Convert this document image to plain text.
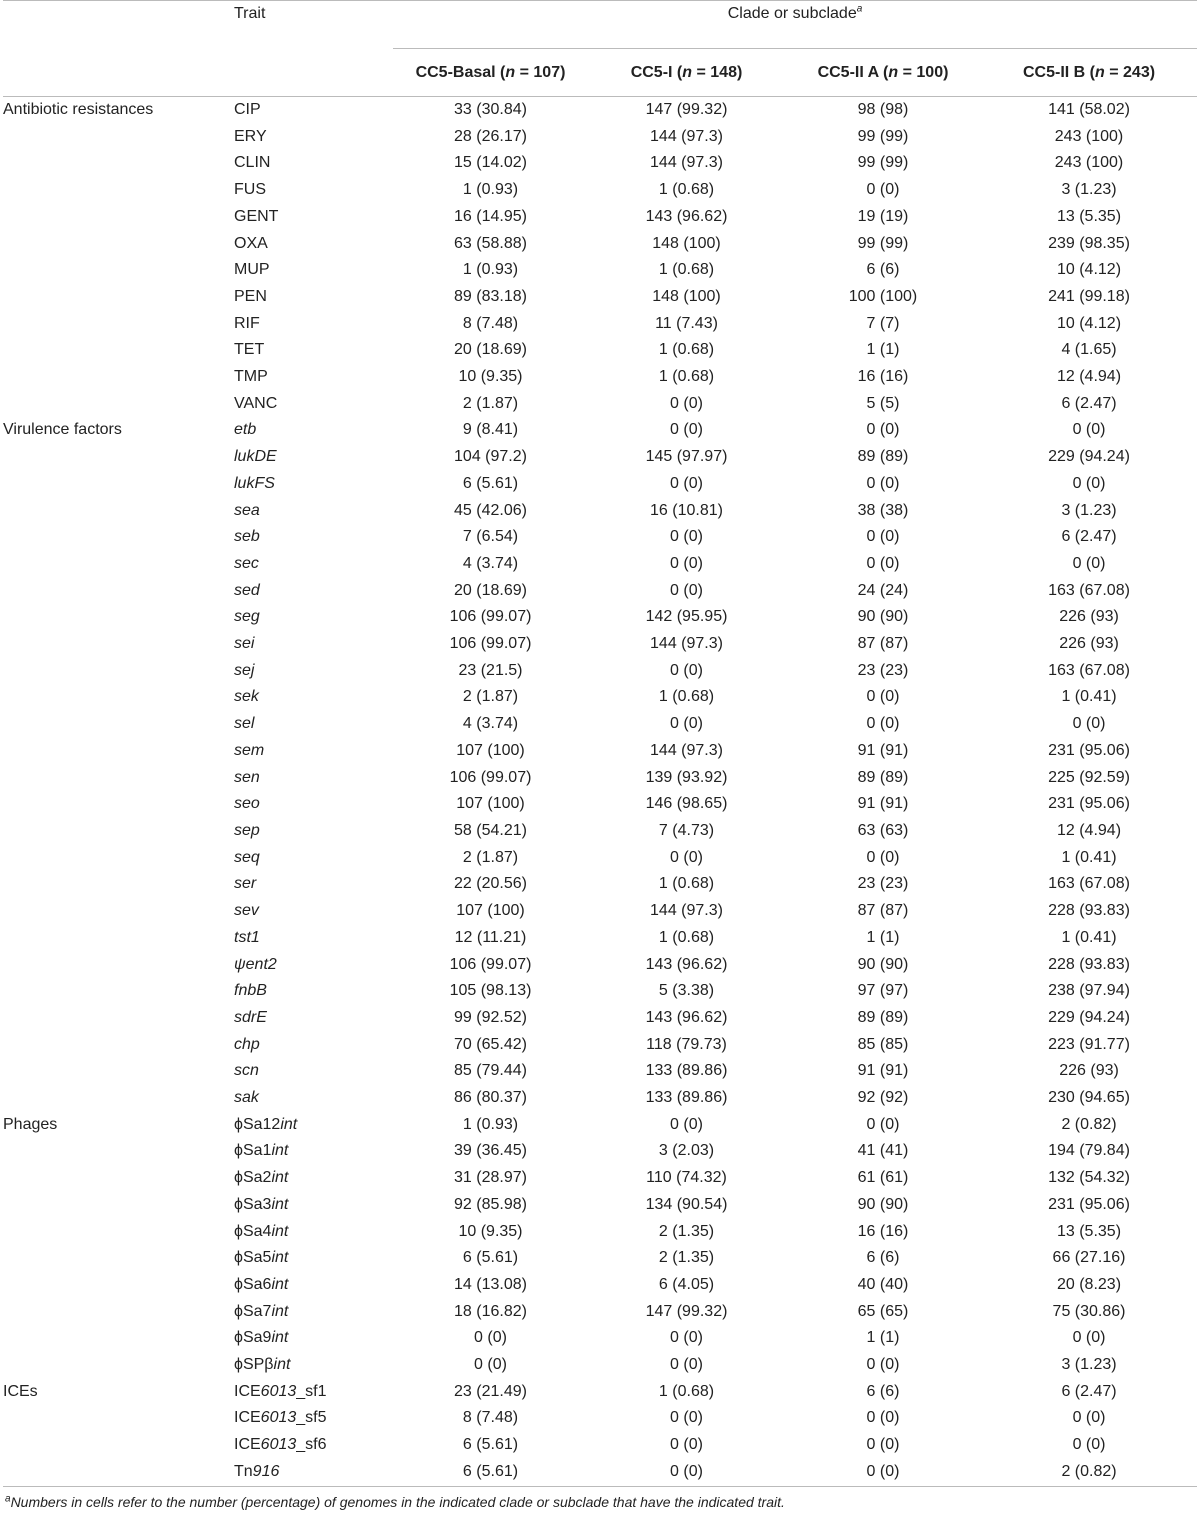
	Trait	Clade or subclade$^a$
		CC5-Basal (n = 107)	CC5-I (n = 148)	CC5-II A (n = 100)	CC5-II B (n = 243)
Antibiotic resistances	CIP	33 (30.84)	147 (99.32)	98 (98)	141 (58.02)
	ERY	28 (26.17)	144 (97.3)	99 (99)	243 (100)
	CLIN	15 (14.02)	144 (97.3)	99 (99)	243 (100)
	FUS	1 (0.93)	1 (0.68)	0 (0)	3 (1.23)
	GENT	16 (14.95)	143 (96.62)	19 (19)	13 (5.35)
	OXA	63 (58.88)	148 (100)	99 (99)	239 (98.35)
	MUP	1 (0.93)	1 (0.68)	6 (6)	10 (4.12)
	PEN	89 (83.18)	148 (100)	100 (100)	241 (99.18)
	RIF	8 (7.48)	11 (7.43)	7 (7)	10 (4.12)
	TET	20 (18.69)	1 (0.68)	1 (1)	4 (1.65)
	TMP	10 (9.35)	1 (0.68)	16 (16)	12 (4.94)
	VANC	2 (1.87)	0 (0)	5 (5)	6 (2.47)
Virulence factors	etb	9 (8.41)	0 (0)	0 (0)	0 (0)
	lukDE	104 (97.2)	145 (97.97)	89 (89)	229 (94.24)
	lukFS	6 (5.61)	0 (0)	0 (0)	0 (0)
	sea	45 (42.06)	16 (10.81)	38 (38)	3 (1.23)
	seb	7 (6.54)	0 (0)	0 (0)	6 (2.47)
	sec	4 (3.74)	0 (0)	0 (0)	0 (0)
	sed	20 (18.69)	0 (0)	24 (24)	163 (67.08)
	seg	106 (99.07)	142 (95.95)	90 (90)	226 (93)
	sei	106 (99.07)	144 (97.3)	87 (87)	226 (93)
	sej	23 (21.5)	0 (0)	23 (23)	163 (67.08)
	sek	2 (1.87)	1 (0.68)	0 (0)	1 (0.41)
	sel	4 (3.74)	0 (0)	0 (0)	0 (0)
	sem	107 (100)	144 (97.3)	91 (91)	231 (95.06)
	sen	106 (99.07)	139 (93.92)	89 (89)	225 (92.59)
	seo	107 (100)	146 (98.65)	91 (91)	231 (95.06)
	sep	58 (54.21)	7 (4.73)	63 (63)	12 (4.94)
	seq	2 (1.87)	0 (0)	0 (0)	1 (0.41)
	ser	22 (20.56)	1 (0.68)	23 (23)	163 (67.08)
	sev	107 (100)	144 (97.3)	87 (87)	228 (93.83)
	tst1	12 (11.21)	1 (0.68)	1 (1)	1 (0.41)
	ψent2	106 (99.07)	143 (96.62)	90 (90)	228 (93.83)
	fnbB	105 (98.13)	5 (3.38)	97 (97)	238 (97.94)
	sdrE	99 (92.52)	143 (96.62)	89 (89)	229 (94.24)
	chp	70 (65.42)	118 (79.73)	85 (85)	223 (91.77)
	scn	85 (79.44)	133 (89.86)	91 (91)	226 (93)
	sak	86 (80.37)	133 (89.86)	92 (92)	230 (94.65)
Phages	ϕSa12int	1 (0.93)	0 (0)	0 (0)	2 (0.82)
	ϕSa1int	39 (36.45)	3 (2.03)	41 (41)	194 (79.84)
	ϕSa2int	31 (28.97)	110 (74.32)	61 (61)	132 (54.32)
	ϕSa3int	92 (85.98)	134 (90.54)	90 (90)	231 (95.06)
	ϕSa4int	10 (9.35)	2 (1.35)	16 (16)	13 (5.35)
	ϕSa5int	6 (5.61)	2 (1.35)	6 (6)	66 (27.16)
	ϕSa6int	14 (13.08)	6 (4.05)	40 (40)	20 (8.23)
	ϕSa7int	18 (16.82)	147 (99.32)	65 (65)	75 (30.86)
	ϕSa9int	0 (0)	0 (0)	1 (1)	0 (0)
	ϕSPβint	0 (0)	0 (0)	0 (0)	3 (1.23)
ICEs	ICE6013_sf1	23 (21.49)	1 (0.68)	6 (6)	6 (2.47)
	ICE6013_sf5	8 (7.48)	0 (0)	0 (0)	0 (0)
	ICE6013_sf6	6 (5.61)	0 (0)	0 (0)	0 (0)
	Tn916	6 (5.61)	0 (0)	0 (0)	2 (0.82)
$^a$Numbers in cells refer to the number (percentage) of genomes in the indicated clade or subclade that have the indicated trait.
